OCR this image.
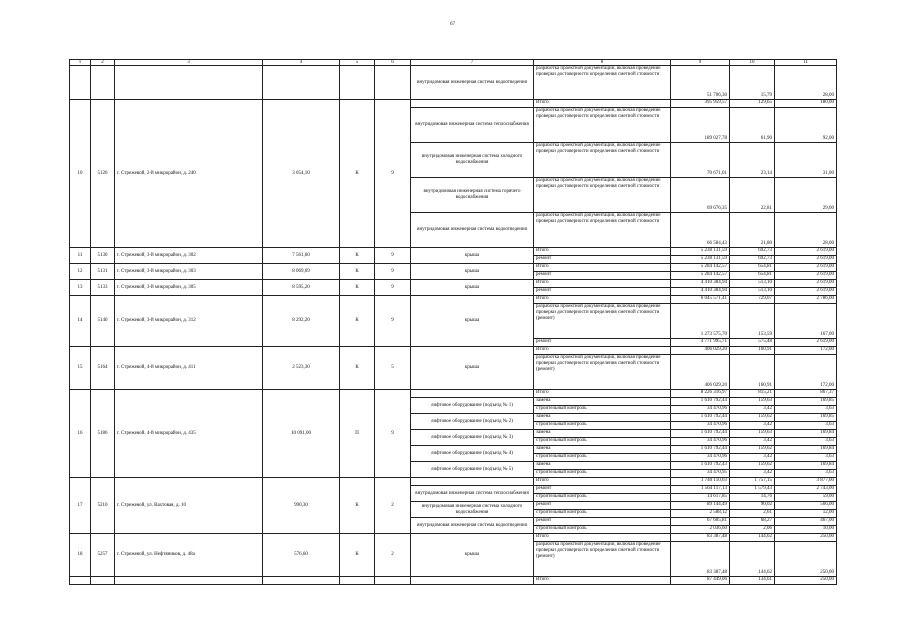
67
1	2	3	4	5	6	7	8	9	10	11
						внутридомовая инженерная система водоотведения	разработка проектной документации, включая проведение проверки достоверности определения сметной стоимости	51 706,30	15,79	28,00
10	5126	г. Стрежевой, 2-й микрорайон, д. 240	3 054,10	К	9		Итого	395 959,57	129,65	180,00
						внутридомовая инженерная система теплоснабжения	разработка проектной документации, включая проведение проверки достоверности определения сметной стоимости	189 027,78	61,90	92,00
						внутридомовая инженерная система холодного водоснабжения	разработка проектной документации, включая проведение проверки достоверности определения сметной стоимости	70 671,01	23,14	31,00
						внутридомовая инженерная система горячего водоснабжения	разработка проектной документации, включая проведение проверки достоверности определения сметной стоимости	69 676,35	22,81	29,00
						внутридомовая инженерная система водоотведения	разработка проектной документации, включая проведение проверки достоверности определения сметной стоимости	66 584,43	21,80	28,00
11	5130	г. Стрежевой, 3-й микрорайон, д. 302	7 561,60	К	9	крыша	Итого	5 238 131,59	692,73	2 619,00
							ремонт	5 238 131,59	692,73	2 619,00
12	5131	г. Стрежевой, 3-й микрорайон, д. 303	8 069,69	К	9	крыша	Итого	5 284 142,57	654,81	2 619,00
							ремонт	5 284 142,57	654,81	2 619,00
13	5133	г. Стрежевой, 3-й микрорайон, д. 305	8 595,20	К	9	крыша	Итого	4 410 384,94	513,10	2 619,00
							ремонт	4 410 384,94	513,10	2 619,00
14	5140	г. Стрежевой, 3-й микрорайон, д. 312	8 292,20	К	9	крыша	Итого	6 045 571,41	729,07	2 786,00
							разработка проектной документации, включая проведение проверки достоверности определения сметной стоимости (ремонт)	1 273 575,70	153,59	167,00
							ремонт	4 771 995,71	575,48	2 619,00
15	5164	г. Стрежевой, 4-й микрорайон, д. 411	2 523,30	К	5	крыша	Итого	406 029,20	160,91	172,00
							разработка проектной документации, включая проведение проверки достоверности определения сметной стоимости (ремонт)	406 029,20	160,91	172,00
16	5186	г. Стрежевой, 4-й микрорайон, д. 435	10 091,00	П	9		Итого	8 226 316,97	815,21	867,37
						лифтовое оборудование (подъезд № 1)	замена	1 610 792,44	159,63	169,85
							строительный контроль	34 470,96	3,42	3,63
						лифтовое оборудование (подъезд № 2)	замена	1 610 792,44	159,62	169,85
							строительный контроль	34 470,96	3,42	3,63
						лифтовое оборудование (подъезд № 3)	замена	1 610 792,44	159,63	169,84
							строительный контроль	34 470,96	3,42	3,63
						лифтовое оборудование (подъезд № 4)	замена	1 610 792,44	159,62	169,84
							строительный контроль	34 470,96	3,42	3,63
						лифтовое оборудование (подъезд № 5)	замена	1 610 792,43	159,62	169,84
							строительный контроль	34 470,95	3,42	3,63
17	5210	г. Стрежевой, ул. Вахтовая, д. 10	990,30	К	2		Итого	1 740 110,03	1 757,15	3 877,00
						внутридомовая инженерная система теплоснабжения	ремонт	1 564 117,13	1 579,43	2 743,00
							строительный контроль	14 617,85	14,76	59,00
						внутридомовая инженерная система холодного водоснабжения	ремонт	89 144,49	90,02	566,00
							строительный контроль	2 588,12	2,61	12,00
						внутридомовая инженерная система водоотведения	ремонт	67 605,81	68,27	467,00
							строительный контроль	2 036,60	2,06	10,00
18	5257	г. Стрежевой, ул. Нефтяников, д. 48а	576,60	К	2	крыша	Итого	83 387,48	144,62	250,00
							разработка проектной документации, включая проведение проверки достоверности определения сметной стоимости (ремонт)	83 387,48	144,62	250,00
							Итого	87 449,06	134,61	250,00
